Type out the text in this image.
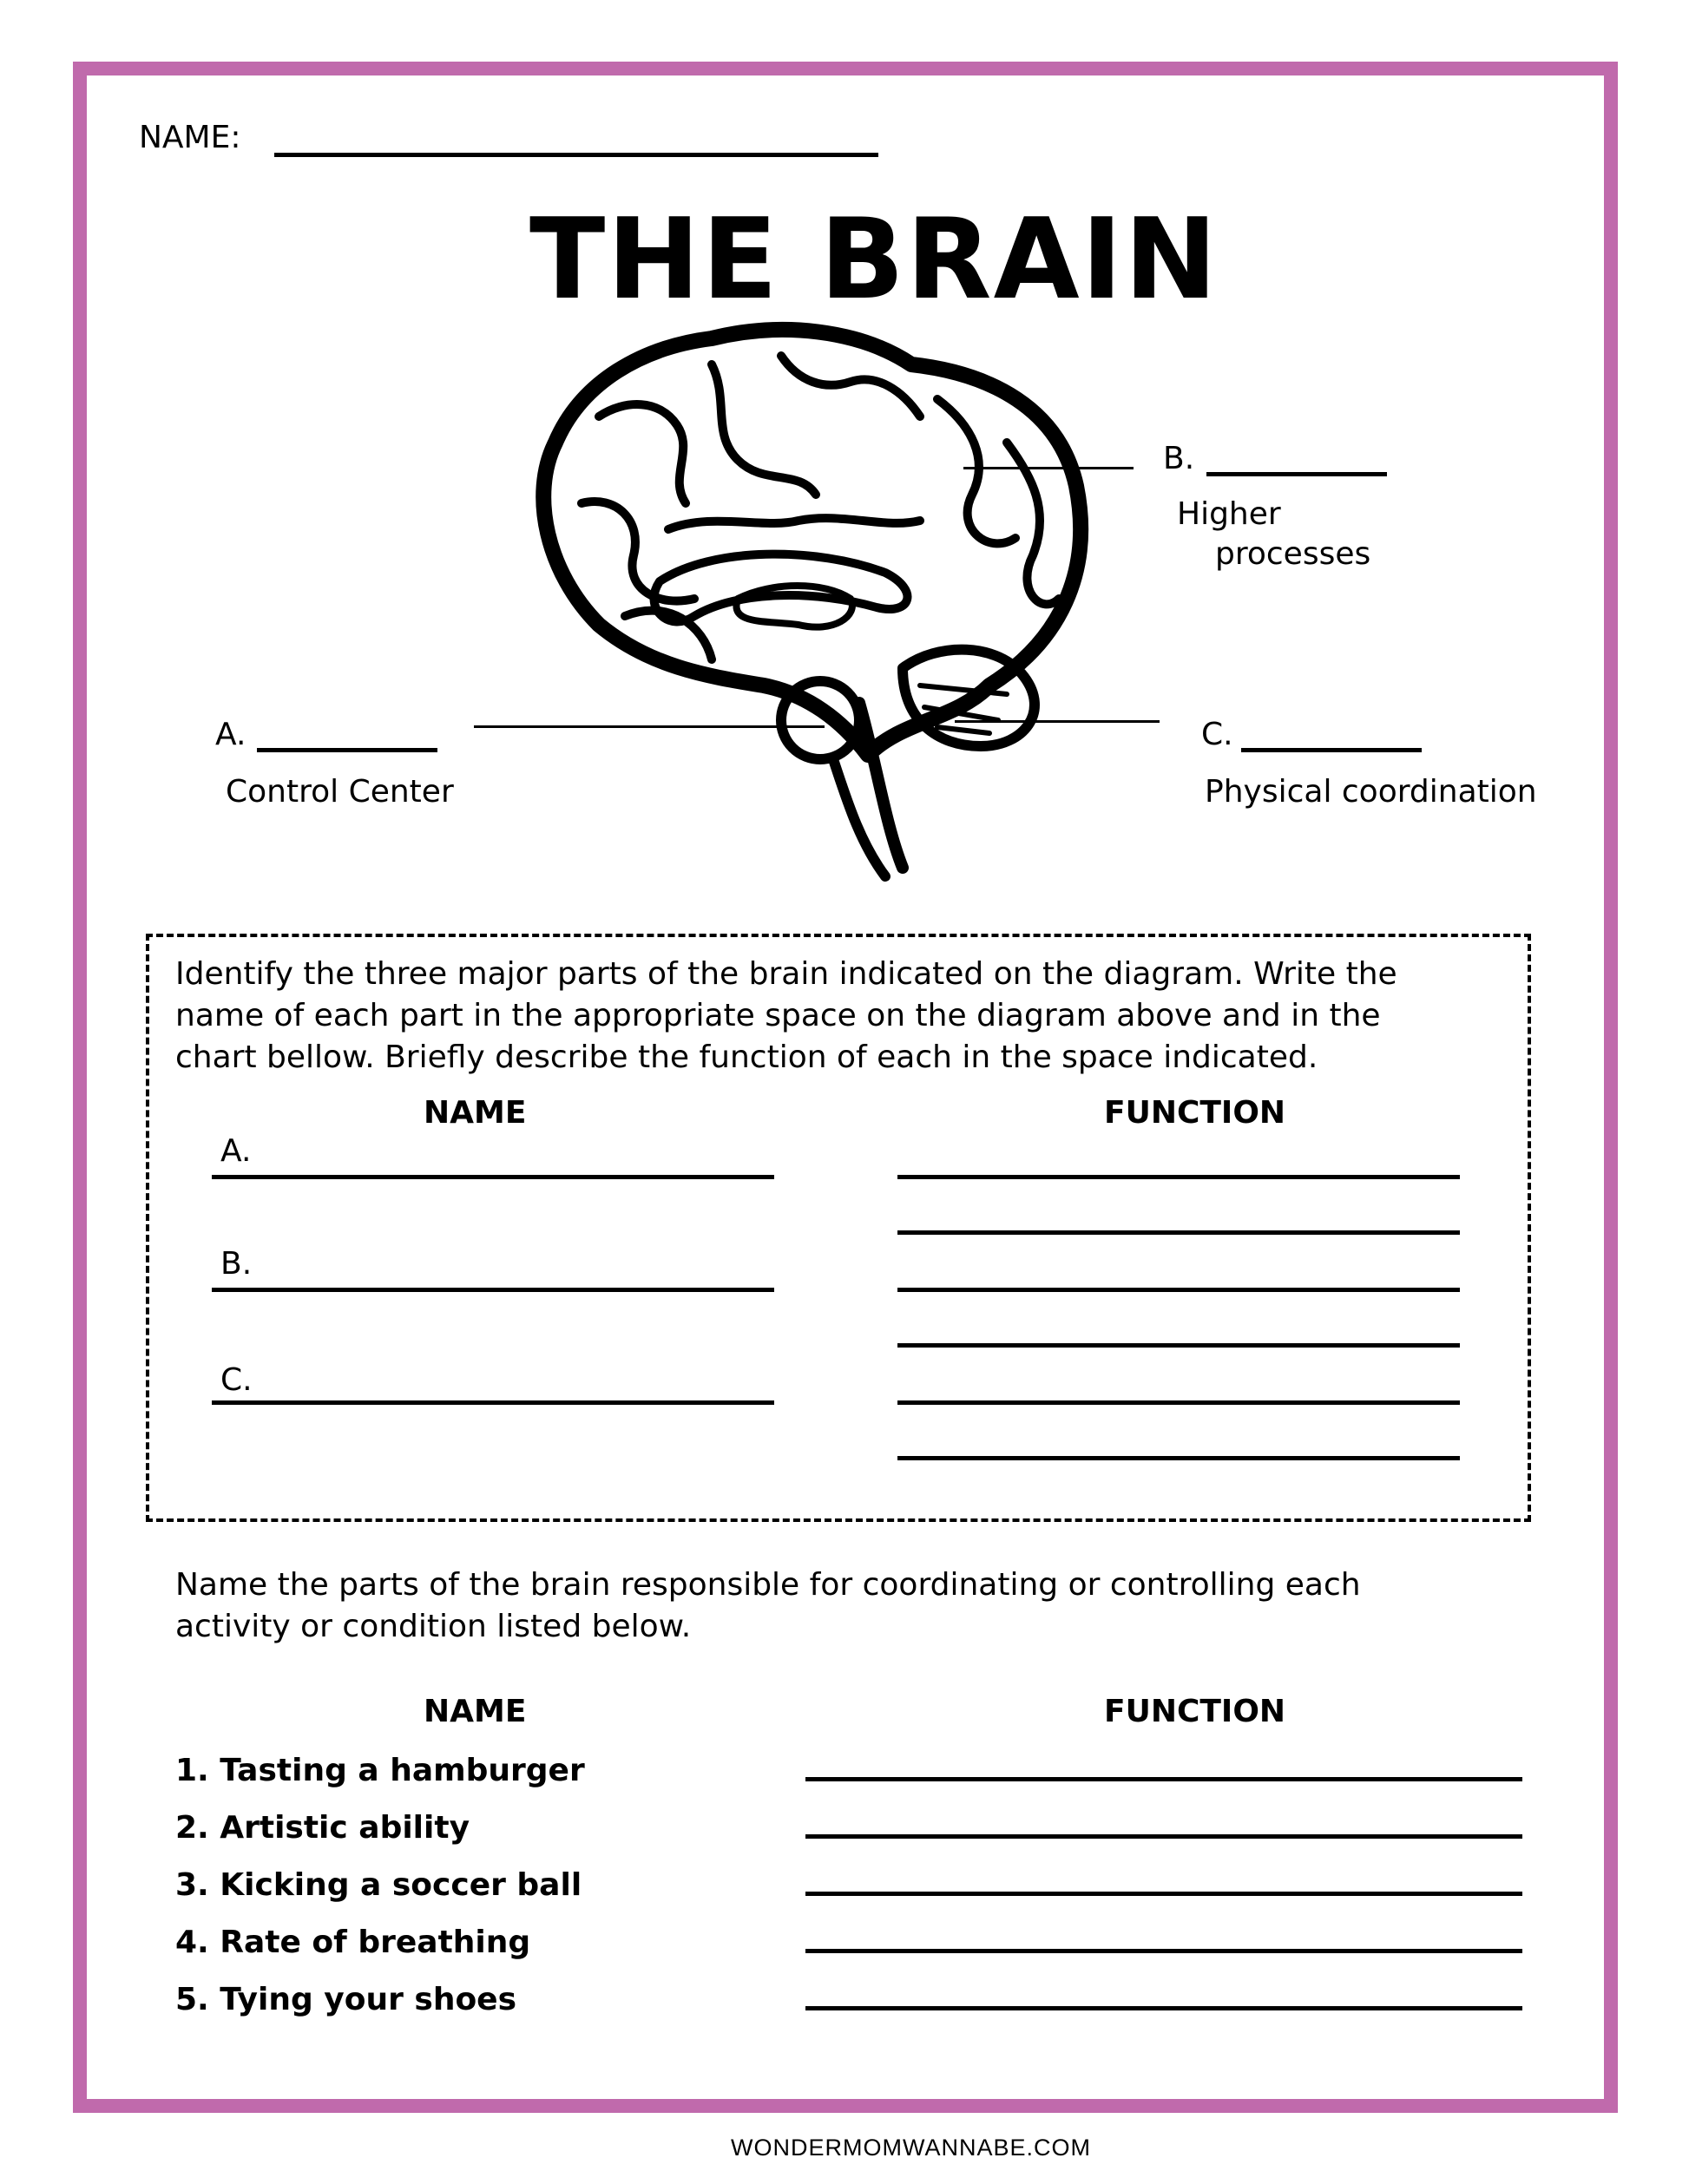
NAME:
THE BRAIN
B.
Higher
processes
A.
Control Center
C.
Physical coordination
Identify the three major parts of the brain indicated on the diagram. Write the
name of each part in the appropriate space on the diagram above and in the
chart bellow. Briefly describe the function of each in the space indicated.
NAME	FUNCTION
A.
B.
C.
Name the parts of the brain responsible for coordinating or controlling each
activity or condition listed below.
NAME	FUNCTION
1. Tasting a hamburger
2. Artistic ability
3. Kicking a soccer ball
4. Rate of breathing
5. Tying your shoes
WONDERMOMWANNABE.COM
